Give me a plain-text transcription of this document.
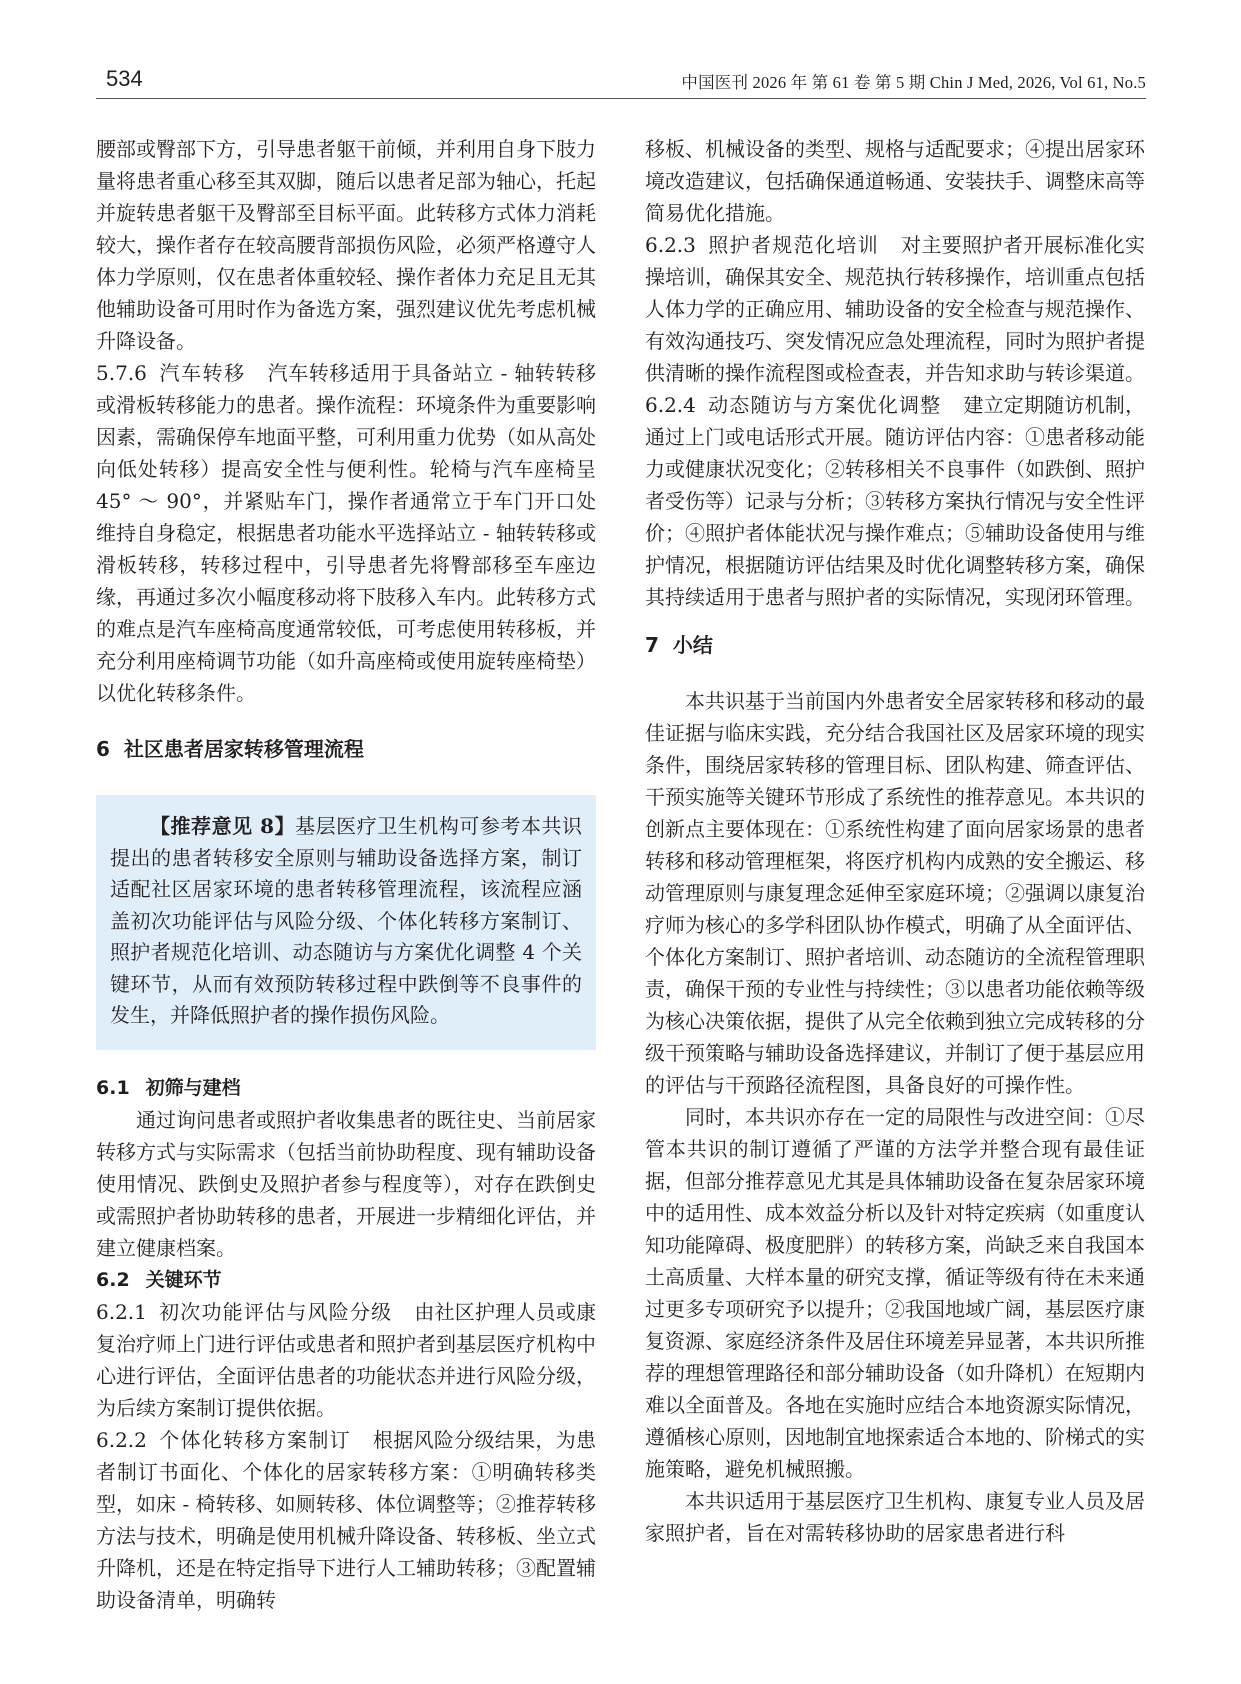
534	中国医刊 2026 年 第 61 卷 第 5 期 Chin J Med, 2026, Vol 61, No.5

腰部或臀部下方，引导患者躯干前倾，并利用自身下肢力量将患者重心移至其双脚，随后以患者足部为轴心，托起并旋转患者躯干及臀部至目标平面。此转移方式体力消耗较大，操作者存在较高腰背部损伤风险，必须严格遵守人体力学原则，仅在患者体重较轻、操作者体力充足且无其他辅助设备可用时作为备选方案，强烈建议优先考虑机械升降设备。

5.7.6 汽车转移 汽车转移适用于具备站立 - 轴转转移或滑板转移能力的患者。操作流程：环境条件为重要影响因素，需确保停车地面平整，可利用重力优势（如从高处向低处转移）提高安全性与便利性。轮椅与汽车座椅呈 45° ～ 90°，并紧贴车门，操作者通常立于车门开口处维持自身稳定，根据患者功能水平选择站立 - 轴转转移或滑板转移，转移过程中，引导患者先将臀部移至车座边缘，再通过多次小幅度移动将下肢移入车内。此转移方式的难点是汽车座椅高度通常较低，可考虑使用转移板，并充分利用座椅调节功能（如升高座椅或使用旋转座椅垫）以优化转移条件。

6 社区患者居家转移管理流程

【推荐意见 8】基层医疗卫生机构可参考本共识提出的患者转移安全原则与辅助设备选择方案，制订适配社区居家环境的患者转移管理流程，该流程应涵盖初次功能评估与风险分级、个体化转移方案制订、照护者规范化培训、动态随访与方案优化调整 4 个关键环节，从而有效预防转移过程中跌倒等不良事件的发生，并降低照护者的操作损伤风险。

6.1 初筛与建档

通过询问患者或照护者收集患者的既往史、当前居家转移方式与实际需求（包括当前协助程度、现有辅助设备使用情况、跌倒史及照护者参与程度等），对存在跌倒史或需照护者协助转移的患者，开展进一步精细化评估，并建立健康档案。

6.2 关键环节

6.2.1 初次功能评估与风险分级 由社区护理人员或康复治疗师上门进行评估或患者和照护者到基层医疗机构中心进行评估，全面评估患者的功能状态并进行风险分级，为后续方案制订提供依据。

6.2.2 个体化转移方案制订 根据风险分级结果，为患者制订书面化、个体化的居家转移方案：①明确转移类型，如床 - 椅转移、如厕转移、体位调整等；②推荐转移方法与技术，明确是使用机械升降设备、转移板、坐立式升降机，还是在特定指导下进行人工辅助转移；③配置辅助设备清单，明确转

移板、机械设备的类型、规格与适配要求；④提出居家环境改造建议，包括确保通道畅通、安装扶手、调整床高等简易优化措施。

6.2.3 照护者规范化培训 对主要照护者开展标准化实操培训，确保其安全、规范执行转移操作，培训重点包括人体力学的正确应用、辅助设备的安全检查与规范操作、有效沟通技巧、突发情况应急处理流程，同时为照护者提供清晰的操作流程图或检查表，并告知求助与转诊渠道。

6.2.4 动态随访与方案优化调整 建立定期随访机制，通过上门或电话形式开展。随访评估内容：①患者移动能力或健康状况变化；②转移相关不良事件（如跌倒、照护者受伤等）记录与分析；③转移方案执行情况与安全性评价；④照护者体能状况与操作难点；⑤辅助设备使用与维护情况，根据随访评估结果及时优化调整转移方案，确保其持续适用于患者与照护者的实际情况，实现闭环管理。

7 小结

本共识基于当前国内外患者安全居家转移和移动的最佳证据与临床实践，充分结合我国社区及居家环境的现实条件，围绕居家转移的管理目标、团队构建、筛查评估、干预实施等关键环节形成了系统性的推荐意见。本共识的创新点主要体现在：①系统性构建了面向居家场景的患者转移和移动管理框架，将医疗机构内成熟的安全搬运、移动管理原则与康复理念延伸至家庭环境；②强调以康复治疗师为核心的多学科团队协作模式，明确了从全面评估、个体化方案制订、照护者培训、动态随访的全流程管理职责，确保干预的专业性与持续性；③以患者功能依赖等级为核心决策依据，提供了从完全依赖到独立完成转移的分级干预策略与辅助设备选择建议，并制订了便于基层应用的评估与干预路径流程图，具备良好的可操作性。

同时，本共识亦存在一定的局限性与改进空间：①尽管本共识的制订遵循了严谨的方法学并整合现有最佳证据，但部分推荐意见尤其是具体辅助设备在复杂居家环境中的适用性、成本效益分析以及针对特定疾病（如重度认知功能障碍、极度肥胖）的转移方案，尚缺乏来自我国本土高质量、大样本量的研究支撑，循证等级有待在未来通过更多专项研究予以提升；②我国地域广阔，基层医疗康复资源、家庭经济条件及居住环境差异显著，本共识所推荐的理想管理路径和部分辅助设备（如升降机）在短期内难以全面普及。各地在实施时应结合本地资源实际情况，遵循核心原则，因地制宜地探索适合本地的、阶梯式的实施策略，避免机械照搬。

本共识适用于基层医疗卫生机构、康复专业人员及居家照护者，旨在对需转移协助的居家患者进行科
